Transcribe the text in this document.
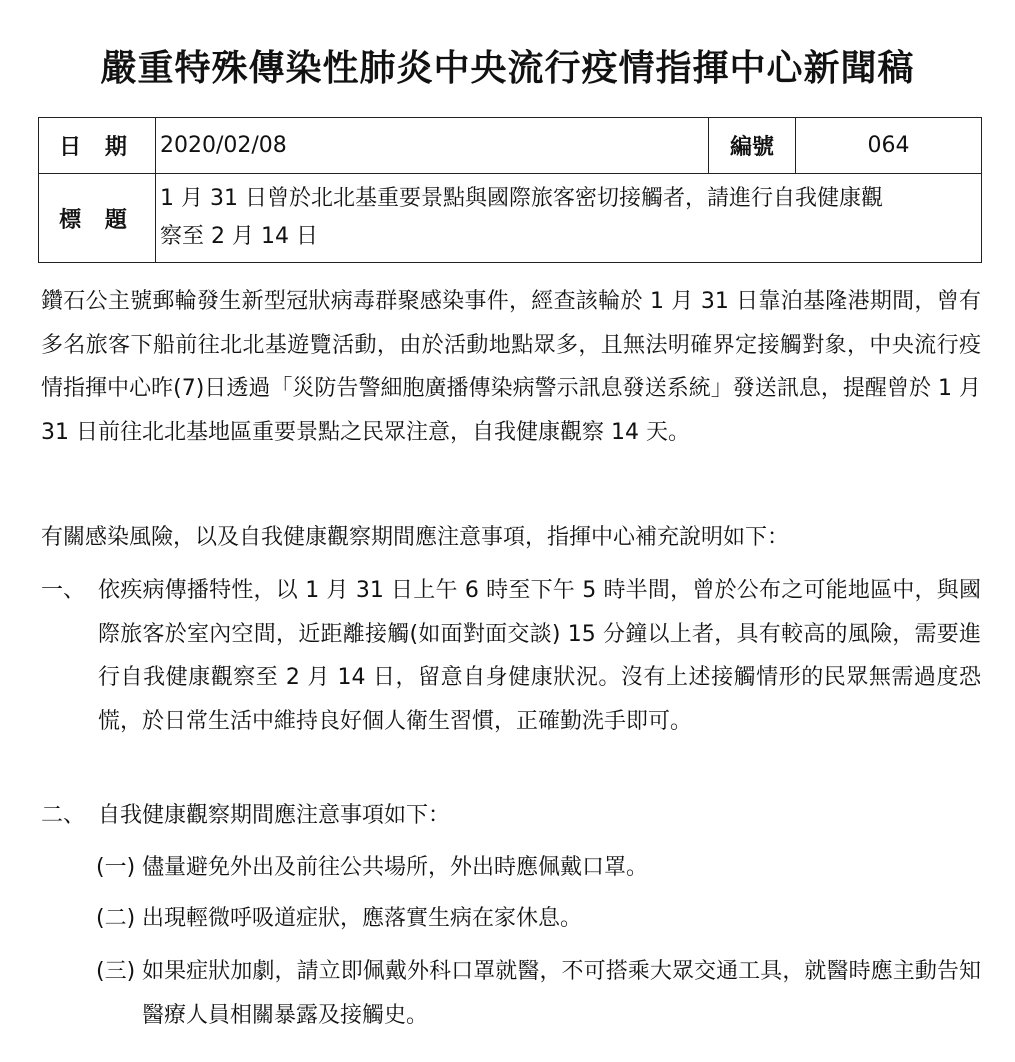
嚴重特殊傳染性肺炎中央流行疫情指揮中心新聞稿
日 期	2020/02/08	編號	064
標 題	1 月 31 日曾於北北基重要景點與國際旅客密切接觸者，請進行自我健康觀
察至 2 月 14 日		
鑽石公主號郵輪發生新型冠狀病毒群聚感染事件，經查該輪於 1 月 31 日靠泊基隆港期間，曾有多名旅客下船前往北北基遊覽活動，由於活動地點眾多，且無法明確界定接觸對象，中央流行疫情指揮中心昨(7)日透過「災防告警細胞廣播傳染病警示訊息發送系統」發送訊息，提醒曾於 1 月 31 日前往北北基地區重要景點之民眾注意，自我健康觀察 14 天。
有關感染風險，以及自我健康觀察期間應注意事項，指揮中心補充說明如下：
一、 依疾病傳播特性，以 1 月 31 日上午 6 時至下午 5 時半間，曾於公布之可能地區中，與國際旅客於室內空間，近距離接觸(如面對面交談) 15 分鐘以上者，具有較高的風險，需要進行自我健康觀察至 2 月 14 日，留意自身健康狀況。沒有上述接觸情形的民眾無需過度恐慌，於日常生活中維持良好個人衛生習慣，正確勤洗手即可。
二、 自我健康觀察期間應注意事項如下：
(一) 儘量避免外出及前往公共場所，外出時應佩戴口罩。
(二) 出現輕微呼吸道症狀，應落實生病在家休息。
(三) 如果症狀加劇，請立即佩戴外科口罩就醫，不可搭乘大眾交通工具，就醫時應主動告知醫療人員相關暴露及接觸史。
